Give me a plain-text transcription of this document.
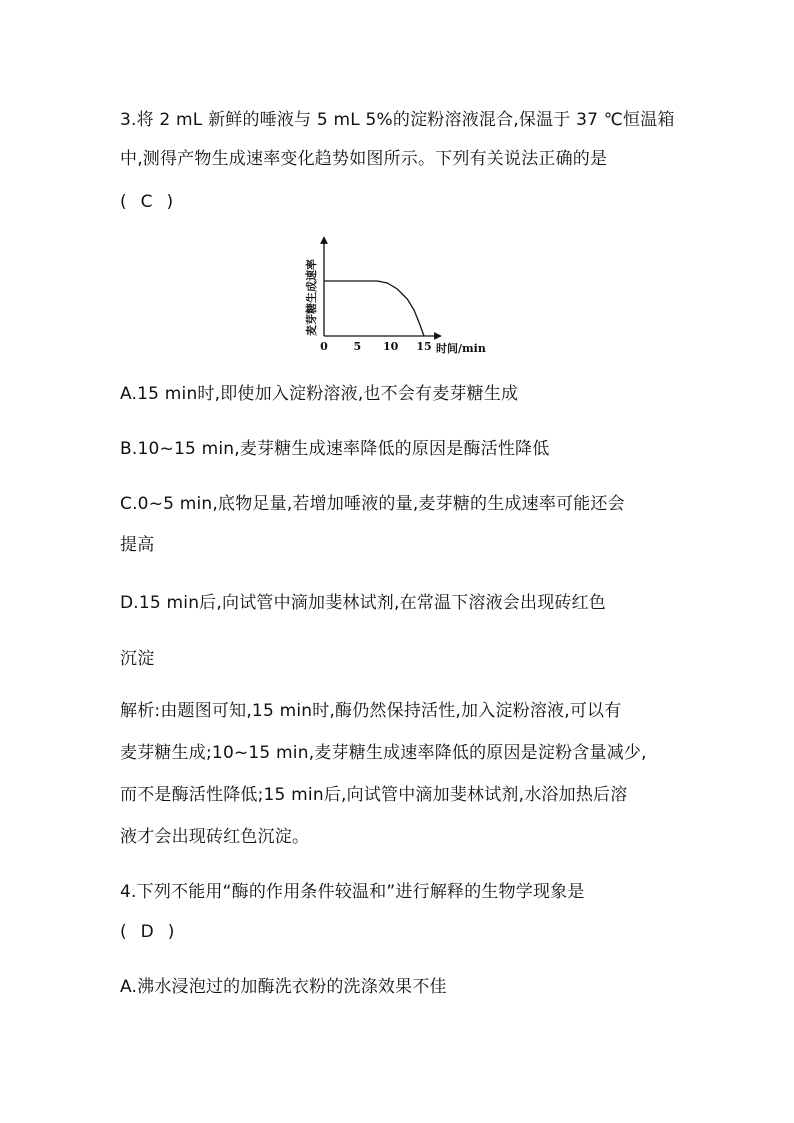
3.将 2 mL 新鲜的唾液与 5 mL 5%的淀粉溶液混合,保温于 37 ℃恒温箱
中,测得产物生成速率变化趋势如图所示。下列有关说法正确的是
( C )
麦芽糖生成速率
时间/min
0 5 10 15
A.15 min时,即使加入淀粉溶液,也不会有麦芽糖生成
B.10~15 min,麦芽糖生成速率降低的原因是酶活性降低
C.0~5 min,底物足量,若增加唾液的量,麦芽糖的生成速率可能还会
提高
D.15 min后,向试管中滴加斐林试剂,在常温下溶液会出现砖红色
沉淀
解析:由题图可知,15 min时,酶仍然保持活性,加入淀粉溶液,可以有
麦芽糖生成;10~15 min,麦芽糖生成速率降低的原因是淀粉含量减少,
而不是酶活性降低;15 min后,向试管中滴加斐林试剂,水浴加热后溶
液才会出现砖红色沉淀。
4.下列不能用“酶的作用条件较温和”进行解释的生物学现象是
( D )
A.沸水浸泡过的加酶洗衣粉的洗涤效果不佳
